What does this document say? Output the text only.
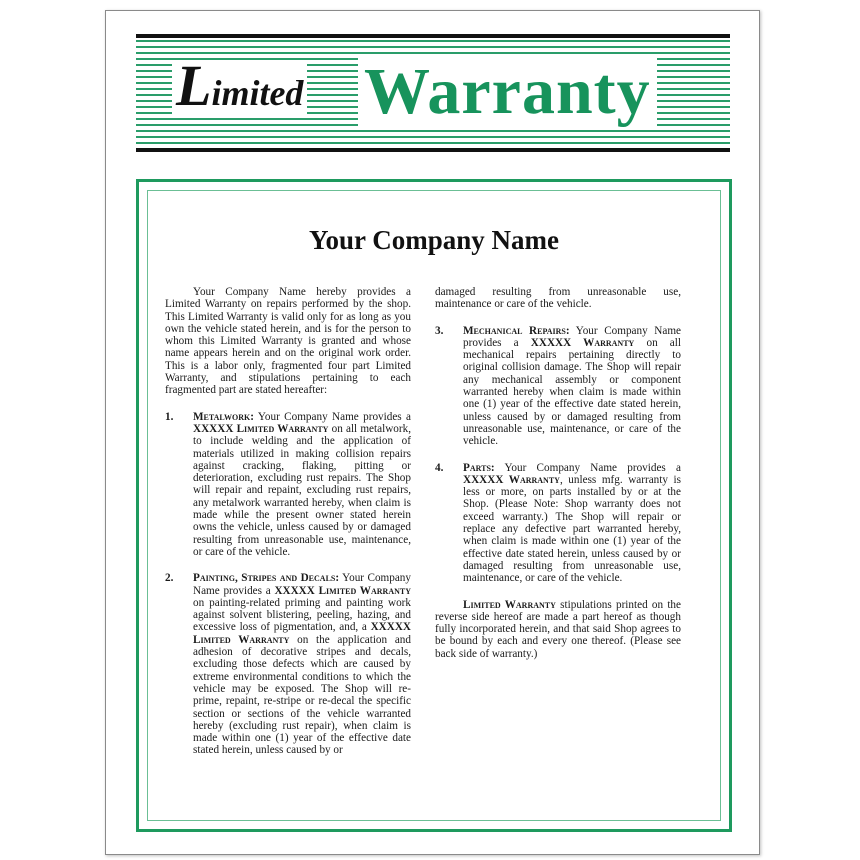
Limited Warranty
Your Company Name

Your Company Name hereby provides a Limited Warranty on repairs performed by the shop. This Limited Warranty is valid only for as long as you own the vehicle stated herein, and is for the person to whom this Limited Warranty is granted and whose name appears herein and on the original work order. This is a labor only, fragmented four part Limited Warranty, and stipulations pertaining to each fragmented part are stated hereafter:

1. Metalwork: Your Company Name provides a XXXXX Limited Warranty on all metalwork, to include welding and the application of materials utilized in making collision repairs against cracking, flaking, pitting or deterioration, excluding rust repairs. The Shop will repair and repaint, excluding rust repairs, any metalwork warranted hereby, when claim is made while the present owner stated herein owns the vehicle, unless caused by or damaged resulting from unreasonable use, maintenance, or care of the vehicle.
2. Painting, Stripes and Decals: Your Company Name provides a XXXXX Limited Warranty on painting-related priming and painting work against solvent blistering, peeling, hazing, and excessive loss of pigmentation, and, a XXXXX Limited Warranty on the application and adhesion of decorative stripes and decals, excluding those defects which are caused by extreme environmental conditions to which the vehicle may be exposed. The Shop will re-prime, repaint, re-stripe or re-decal the specific section or sections of the vehicle warranted hereby (excluding rust repair), when claim is made within one (1) year of the effective date stated herein, unless caused by or

damaged resulting from unreasonable use, maintenance or care of the vehicle.

3. Mechanical Repairs: Your Company Name provides a XXXXX Warranty on all mechanical repairs pertaining directly to original collision damage. The Shop will repair any mechanical assembly or component warranted hereby when claim is made within one (1) year of the effective date stated herein, unless caused by or damaged resulting from unreasonable use, maintenance, or care of the vehicle.
4. Parts: Your Company Name provides a XXXXX Warranty, unless mfg. warranty is less or more, on parts installed by or at the Shop. (Please Note: Shop warranty does not exceed warranty.) The Shop will repair or replace any defective part warranted hereby, when claim is made within one (1) year of the effective date stated herein, unless caused by or damaged resulting from unreasonable use, maintenance, or care of the vehicle.

Limited Warranty stipulations printed on the reverse side hereof are made a part hereof as though fully incorporated herein, and that said Shop agrees to be bound by each and every one thereof. (Please see back side of warranty.)
